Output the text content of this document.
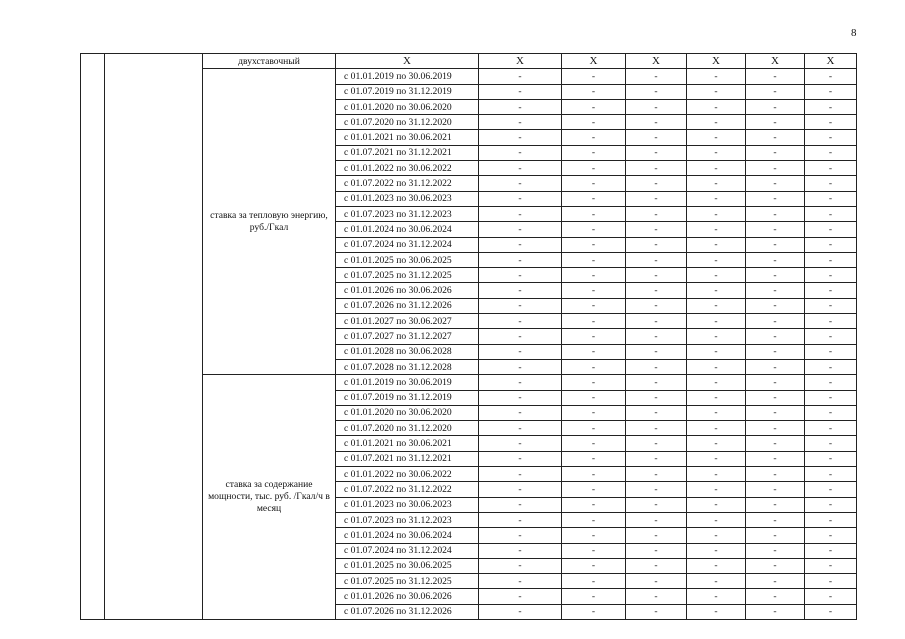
8
		двухставочный	Х	Х	Х	Х	Х	Х	Х	
		ставка за тепловую энергию, руб./Гкал	с 01.01.2019 по 30.06.2019	-	-	-	-	-	-	
			с 01.07.2019 по 31.12.2019	-	-	-	-	-	-	
			с 01.01.2020 по 30.06.2020	-	-	-	-	-	-	
			с 01.07.2020 по 31.12.2020	-	-	-	-	-	-	
			с 01.01.2021 по 30.06.2021	-	-	-	-	-	-	
			с 01.07.2021 по 31.12.2021	-	-	-	-	-	-	
			с 01.01.2022 по 30.06.2022	-	-	-	-	-	-	
			с 01.07.2022 по 31.12.2022	-	-	-	-	-	-	
			с 01.01.2023 по 30.06.2023	-	-	-	-	-	-	
			с 01.07.2023 по 31.12.2023	-	-	-	-	-	-	
			с 01.01.2024 по 30.06.2024	-	-	-	-	-	-	
			с 01.07.2024 по 31.12.2024	-	-	-	-	-	-	
			с 01.01.2025 по 30.06.2025	-	-	-	-	-	-	
			с 01.07.2025 по 31.12.2025	-	-	-	-	-	-	
			с 01.01.2026 по 30.06.2026	-	-	-	-	-	-	
			с 01.07.2026 по 31.12.2026	-	-	-	-	-	-	
			с 01.01.2027 по 30.06.2027	-	-	-	-	-	-	
			с 01.07.2027 по 31.12.2027	-	-	-	-	-	-	
			с 01.01.2028 по 30.06.2028	-	-	-	-	-	-	
			с 01.07.2028 по 31.12.2028	-	-	-	-	-	-	
		ставка за содержание мощности, тыс. руб. /Гкал/ч в месяц	с 01.01.2019 по 30.06.2019	-	-	-	-	-	-	
			с 01.07.2019 по 31.12.2019	-	-	-	-	-	-	
			с 01.01.2020 по 30.06.2020	-	-	-	-	-	-	
			с 01.07.2020 по 31.12.2020	-	-	-	-	-	-	
			с 01.01.2021 по 30.06.2021	-	-	-	-	-	-	
			с 01.07.2021 по 31.12.2021	-	-	-	-	-	-	
			с 01.01.2022 по 30.06.2022	-	-	-	-	-	-	
			с 01.07.2022 по 31.12.2022	-	-	-	-	-	-	
			с 01.01.2023 по 30.06.2023	-	-	-	-	-	-	
			с 01.07.2023 по 31.12.2023	-	-	-	-	-	-	
			с 01.01.2024 по 30.06.2024	-	-	-	-	-	-	
			с 01.07.2024 по 31.12.2024	-	-	-	-	-	-	
			с 01.01.2025 по 30.06.2025	-	-	-	-	-	-	
			с 01.07.2025 по 31.12.2025	-	-	-	-	-	-	
			с 01.01.2026 по 30.06.2026	-	-	-	-	-	-	
			с 01.07.2026 по 31.12.2026	-	-	-	-	-	-	
